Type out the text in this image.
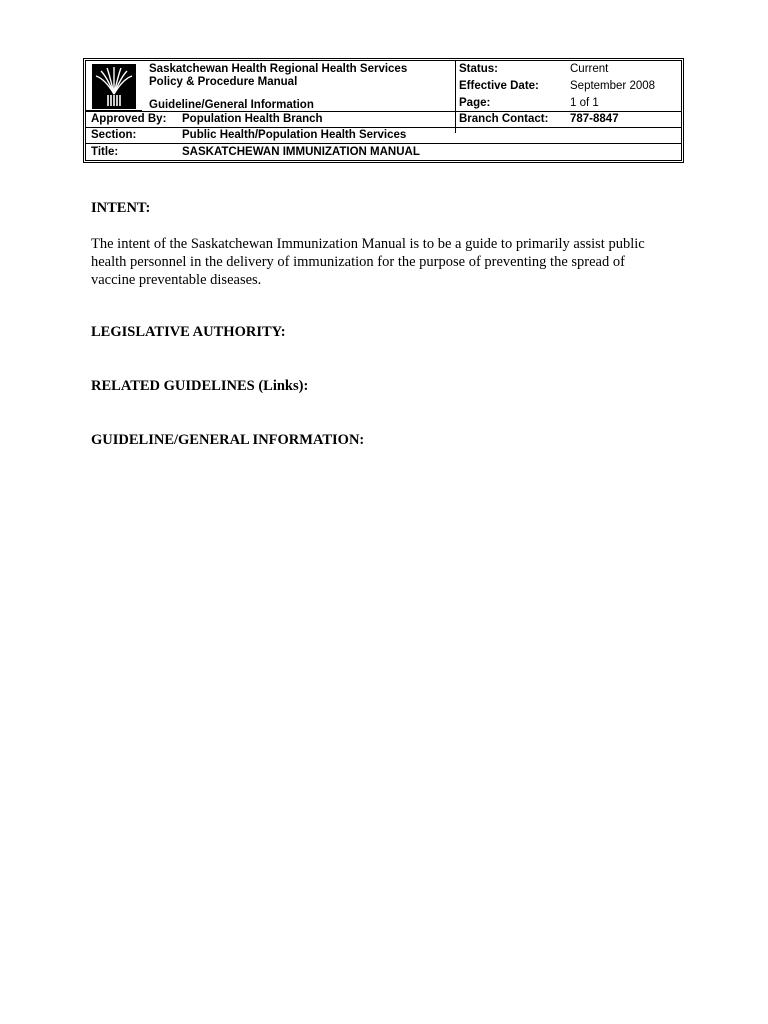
Saskatchewan Health Regional Health Services
Policy & Procedure Manual
Guideline/General Information
Status:	Current
Effective Date:	September 2008
Page:	1 of 1
Approved By: Population Health Branch	Branch Contact: 787-8847
Section:	Public Health/Population Health Services
Title:	SASKATCHEWAN IMMUNIZATION MANUAL
INTENT:
The intent of the Saskatchewan Immunization Manual is to be a guide to primarily assist public
health personnel in the delivery of immunization for the purpose of preventing the spread of
vaccine preventable diseases.
LEGISLATIVE AUTHORITY:
RELATED GUIDELINES (Links):
GUIDELINE/GENERAL INFORMATION:
